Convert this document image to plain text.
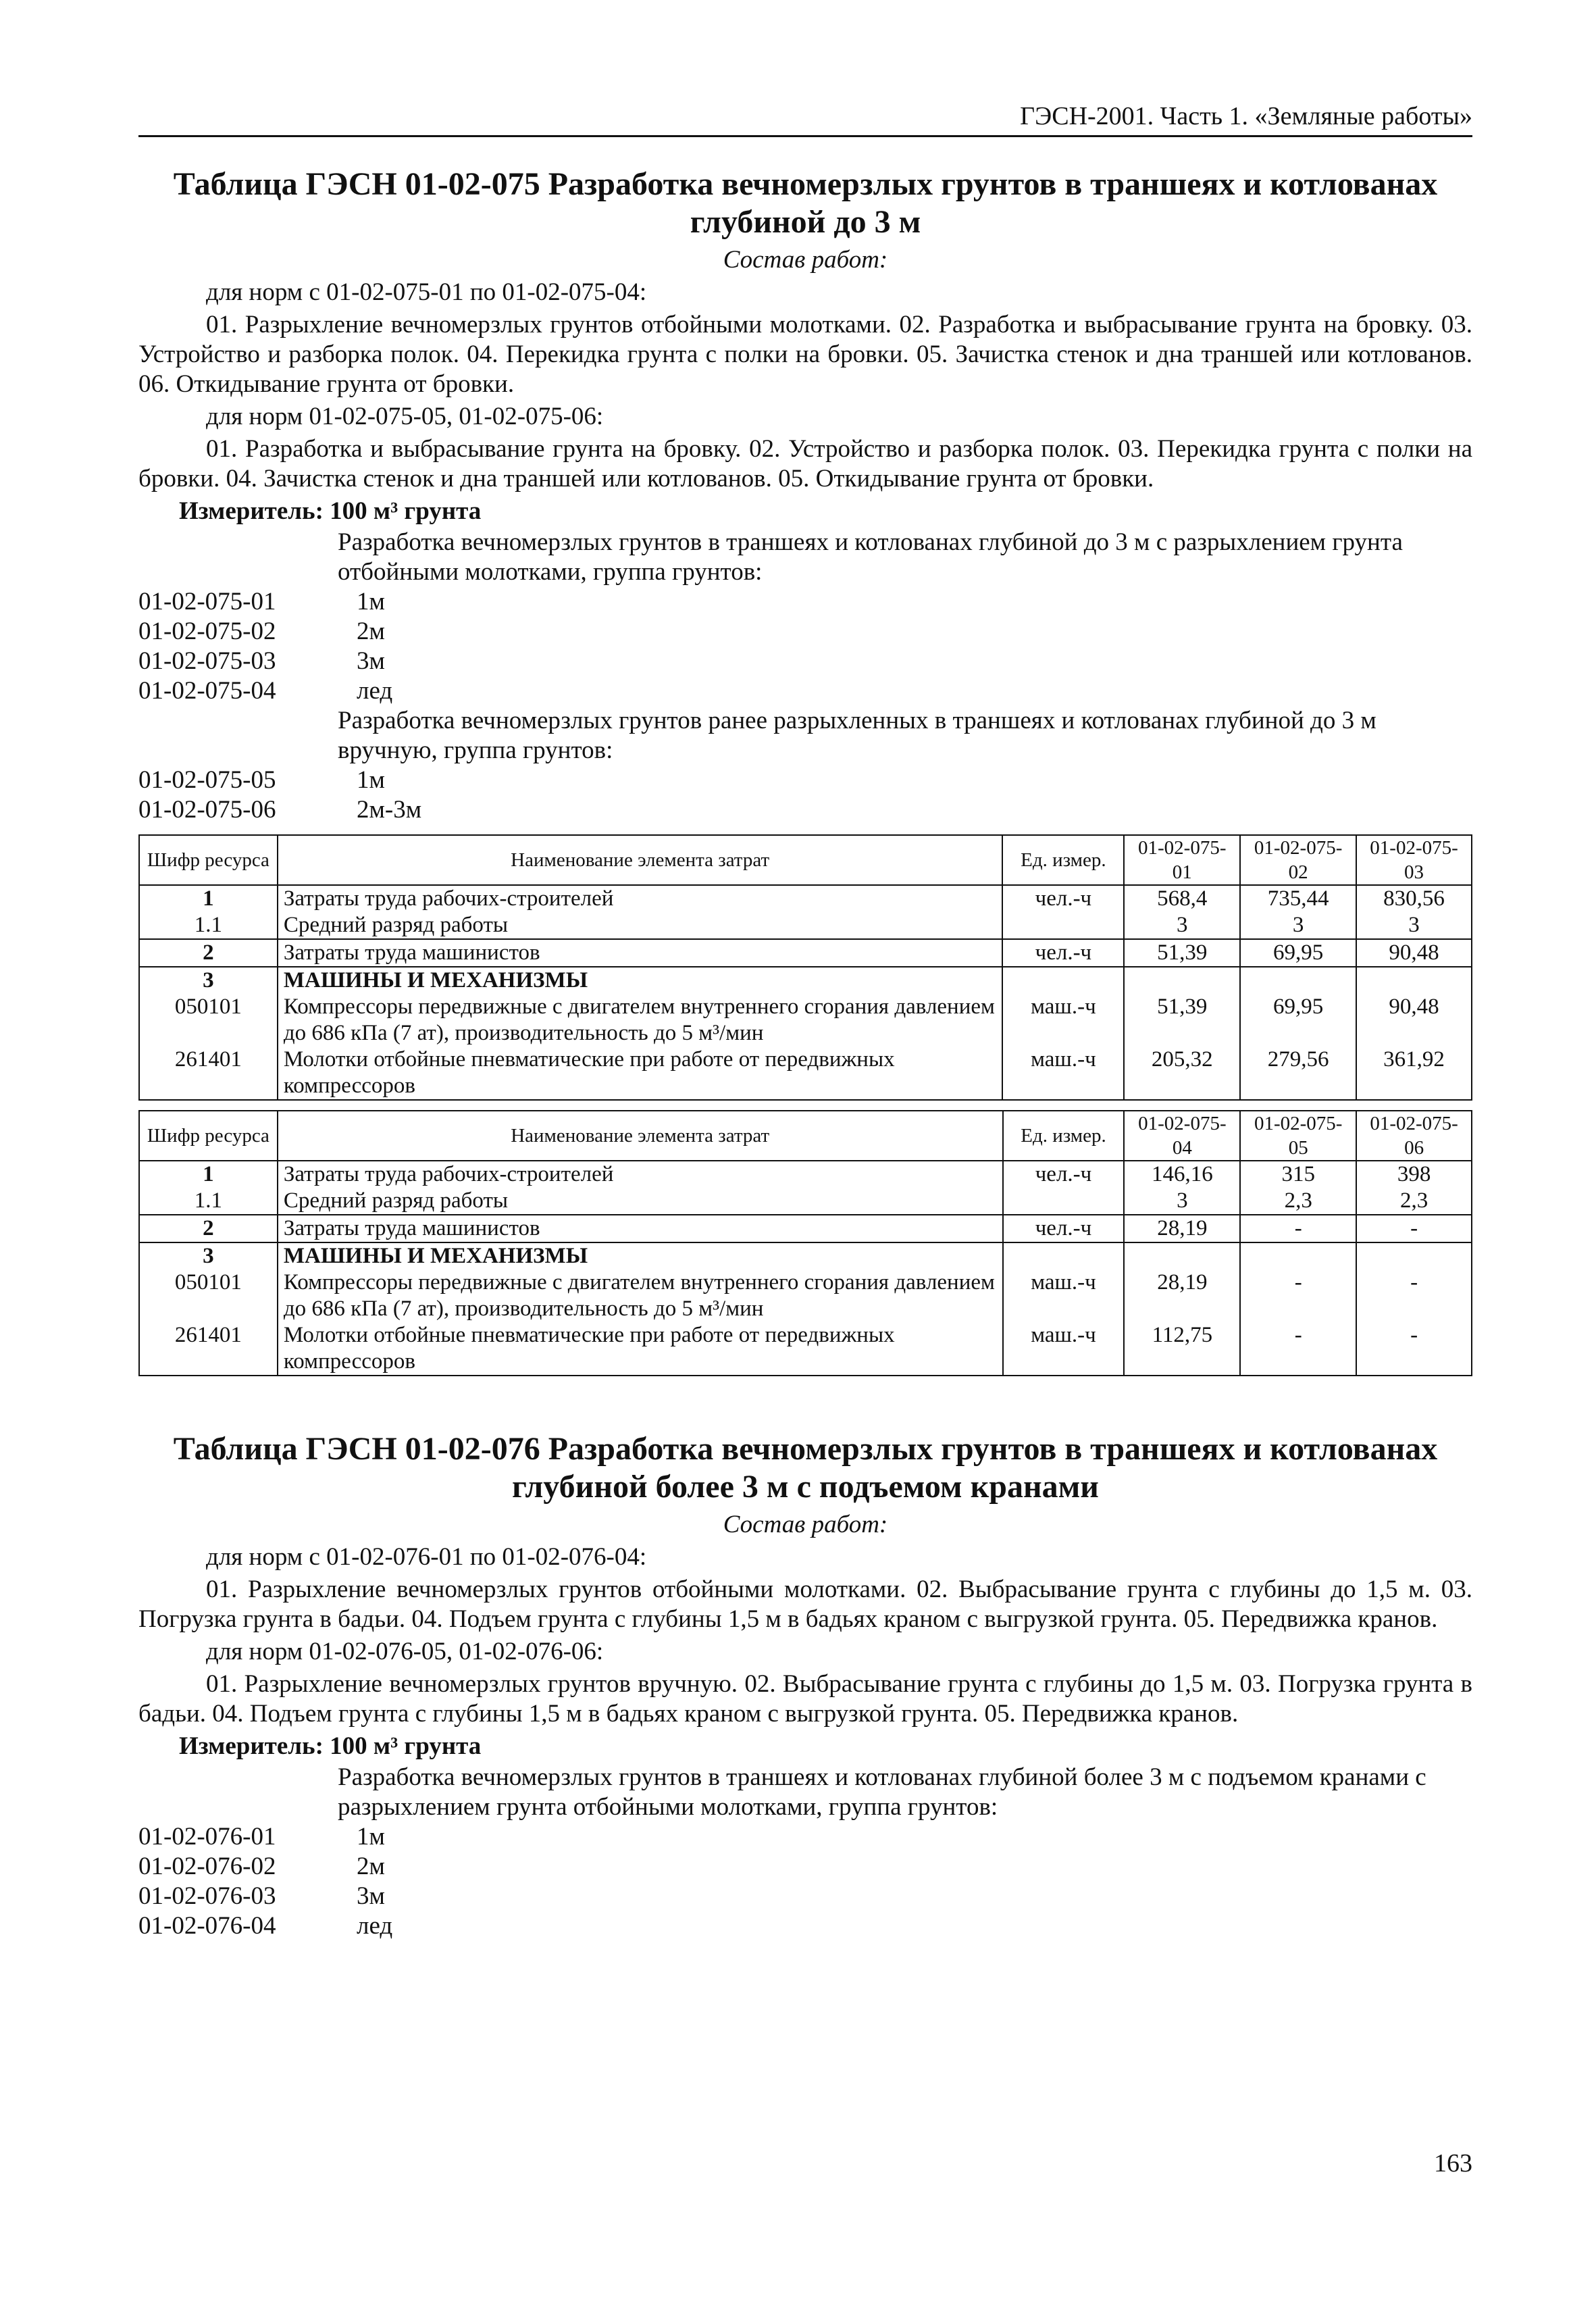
ГЭСН-2001. Часть 1. «Земляные работы»
Таблица ГЭСН 01-02-075 Разработка вечномерзлых грунтов в траншеях и котлованах
глубиной до 3 м

Состав работ:

для норм с 01-02-075-01 по 01-02-075-04:

01. Разрыхление вечномерзлых грунтов отбойными молотками. 02. Разработка и выбрасывание грунта на бровку. 03. Устройство и разборка полок. 04. Перекидка грунта с полки на бровки. 05. Зачистка стенок и дна траншей или котлованов. 06. Откидывание грунта от бровки.

для норм 01-02-075-05, 01-02-075-06:

01. Разработка и выбрасывание грунта на бровку. 02. Устройство и разборка полок. 03. Перекидка грунта с полки на бровки. 04. Зачистка стенок и дна траншей или котлованов. 05. Откидывание грунта от бровки.

Измеритель: 100 м³ грунта

Разработка вечномерзлых грунтов в траншеях и котлованах глубиной до 3 м с разрыхлением грунта отбойными молотками, группа грунтов:

01-02-075-01	1м
01-02-075-02	2м
01-02-075-03	3м
01-02-075-04	лед

Разработка вечномерзлых грунтов ранее разрыхленных в траншеях и котлованах глубиной до 3 м вручную, группа грунтов:

01-02-075-05	1м
01-02-075-06	2м-3м
Шифр ресурса	Наименование элемента затрат	Ед. измер.	01-02-075-01	01-02-075-02	01-02-075-03
1	Затраты труда рабочих-строителей	чел.-ч	568,4	735,44	830,56
1.1	Средний разряд работы		3	3	3
2	Затраты труда машинистов	чел.-ч	51,39	69,95	90,48
3	МАШИНЫ И МЕХАНИЗМЫ				
050101	Компрессоры передвижные с двигателем внутреннего сгорания давлением до 686 кПа (7 ат), производительность до 5 м³/мин	маш.-ч	51,39	69,95	90,48
261401	Молотки отбойные пневматические при работе от передвижных компрессоров	маш.-ч	205,32	279,56	361,92
Шифр ресурса	Наименование элемента затрат	Ед. измер.	01-02-075-04	01-02-075-05	01-02-075-06
1	Затраты труда рабочих-строителей	чел.-ч	146,16	315	398
1.1	Средний разряд работы		3	2,3	2,3
2	Затраты труда машинистов	чел.-ч	28,19	-	-
3	МАШИНЫ И МЕХАНИЗМЫ				
050101	Компрессоры передвижные с двигателем внутреннего сгорания давлением до 686 кПа (7 ат), производительность до 5 м³/мин	маш.-ч	28,19	-	-
261401	Молотки отбойные пневматические при работе от передвижных компрессоров	маш.-ч	112,75	-	-
Таблица ГЭСН 01-02-076 Разработка вечномерзлых грунтов в траншеях и котлованах
глубиной более 3 м с подъемом кранами

Состав работ:

для норм с 01-02-076-01 по 01-02-076-04:

01. Разрыхление вечномерзлых грунтов отбойными молотками. 02. Выбрасывание грунта с глубины до 1,5 м. 03. Погрузка грунта в бадьи. 04. Подъем грунта с глубины 1,5 м в бадьях краном с выгрузкой грунта. 05. Передвижка кранов.

для норм 01-02-076-05, 01-02-076-06:

01. Разрыхление вечномерзлых грунтов вручную. 02. Выбрасывание грунта с глубины до 1,5 м. 03. Погрузка грунта в бадьи. 04. Подъем грунта с глубины 1,5 м в бадьях краном с выгрузкой грунта. 05. Передвижка кранов.

Измеритель: 100 м³ грунта

Разработка вечномерзлых грунтов в траншеях и котлованах глубиной более 3 м с подъемом кранами с разрыхлением грунта отбойными молотками, группа грунтов:

01-02-076-01	1м
01-02-076-02	2м
01-02-076-03	3м
01-02-076-04	лед
163
